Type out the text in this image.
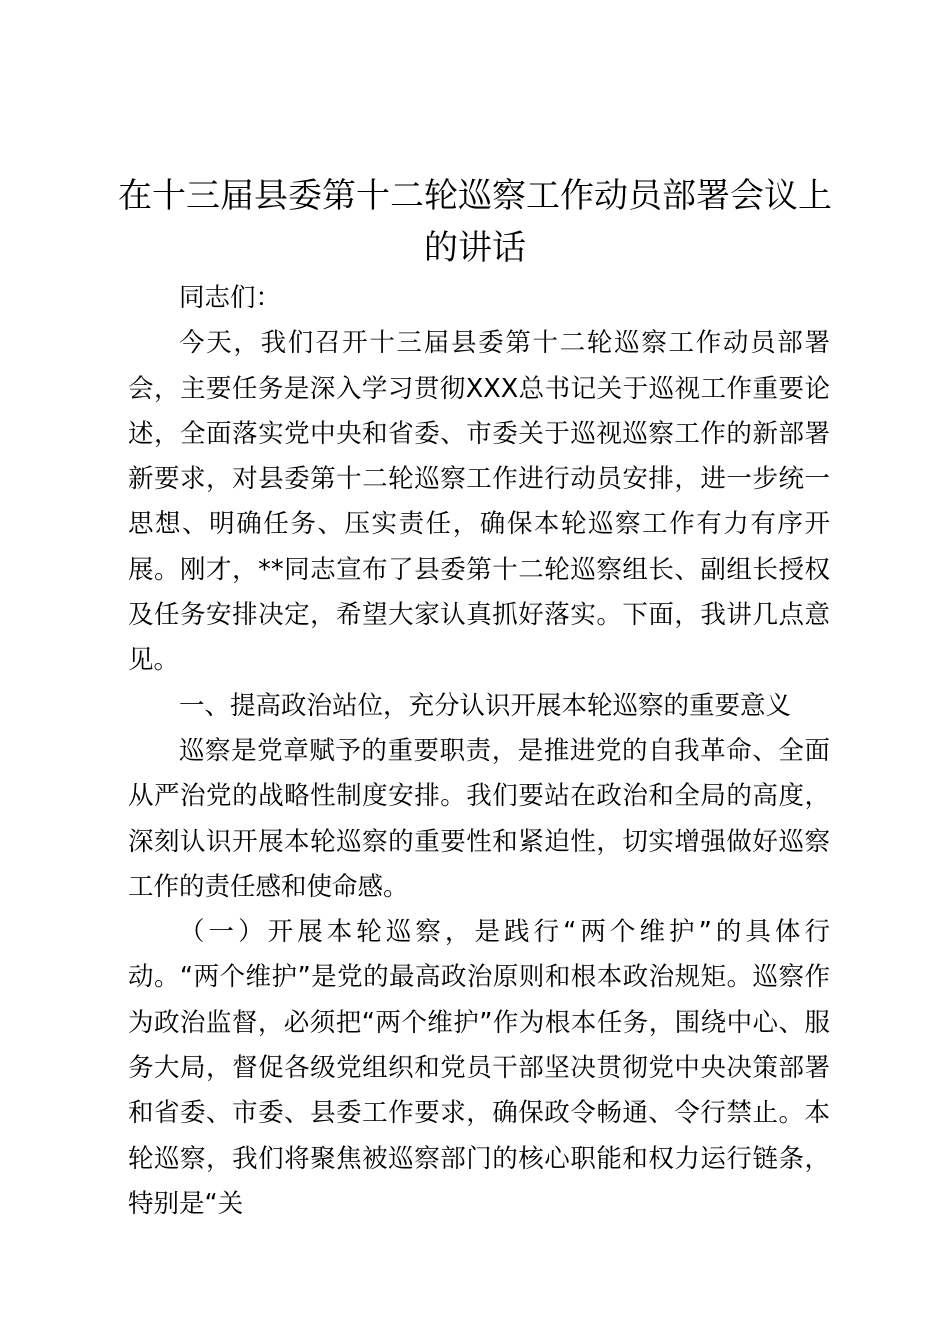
在十三届县委第十二轮巡察工作动员部署会议上的讲话

同志们：

今天，我们召开十三届县委第十二轮巡察工作动员部署会，主要任务是深入学习贯彻XXX总书记关于巡视工作重要论述，全面落实党中央和省委、市委关于巡视巡察工作的新部署新要求，对县委第十二轮巡察工作进行动员安排，进一步统一思想、明确任务、压实责任，确保本轮巡察工作有力有序开展。刚才，**同志宣布了县委第十二轮巡察组长、副组长授权及任务安排决定，希望大家认真抓好落实。下面，我讲几点意见。

一、提高政治站位，充分认识开展本轮巡察的重要意义

巡察是党章赋予的重要职责，是推进党的自我革命、全面从严治党的战略性制度安排。我们要站在政治和全局的高度，深刻认识开展本轮巡察的重要性和紧迫性，切实增强做好巡察工作的责任感和使命感。

（一）开展本轮巡察，是践行“两个维护”的具体行动。“两个维护”是党的最高政治原则和根本政治规矩。巡察作为政治监督，必须把“两个维护”作为根本任务，围绕中心、服务大局，督促各级党组织和党员干部坚决贯彻党中央决策部署和省委、市委、县委工作要求，确保政令畅通、令行禁止。本轮巡察，我们将聚焦被巡察部门的核心职能和权力运行链条，特别是“关
